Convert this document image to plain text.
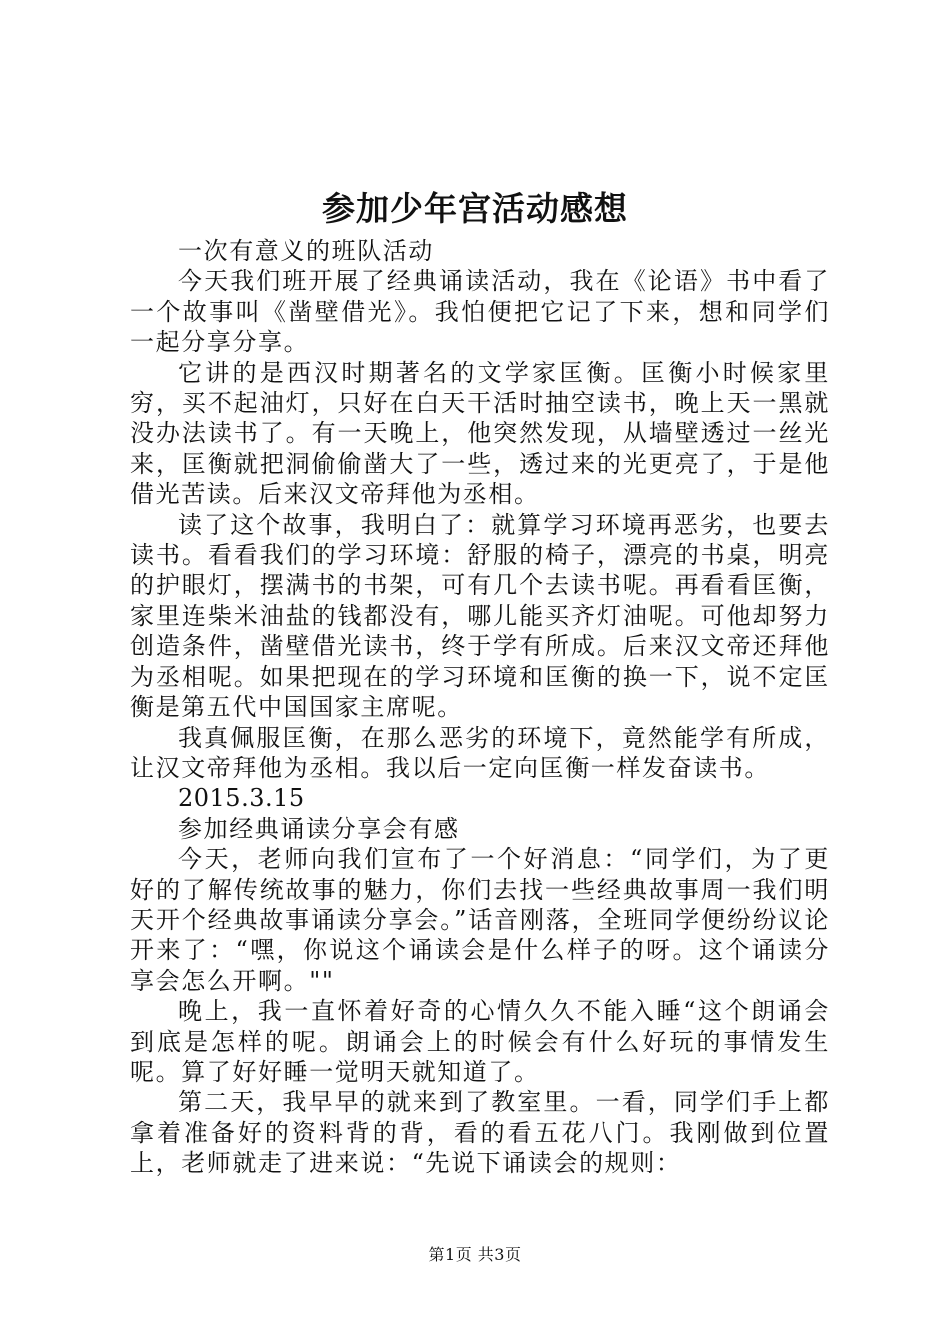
参加少年宫活动感想

一次有意义的班队活动

今天我们班开展了经典诵读活动，我在《论语》书中看了一个故事叫《凿壁借光》。我怕便把它记了下来，想和同学们一起分享分享。

它讲的是西汉时期著名的文学家匡衡。匡衡小时候家里穷，买不起油灯，只好在白天干活时抽空读书，晚上天一黑就没办法读书了。有一天晚上，他突然发现，从墙壁透过一丝光来，匡衡就把洞偷偷凿大了一些，透过来的光更亮了，于是他借光苦读。后来汉文帝拜他为丞相。

读了这个故事，我明白了：就算学习环境再恶劣，也要去读书。看看我们的学习环境：舒服的椅子，漂亮的书桌，明亮的护眼灯，摆满书的书架，可有几个去读书呢。再看看匡衡，家里连柴米油盐的钱都没有，哪儿能买齐灯油呢。可他却努力创造条件，凿壁借光读书，终于学有所成。后来汉文帝还拜他为丞相呢。如果把现在的学习环境和匡衡的换一下，说不定匡衡是第五代中国国家主席呢。

我真佩服匡衡，在那么恶劣的环境下，竟然能学有所成，让汉文帝拜他为丞相。我以后一定向匡衡一样发奋读书。

2015.3.15

参加经典诵读分享会有感

今天，老师向我们宣布了一个好消息：“同学们，为了更好的了解传统故事的魅力，你们去找一些经典故事周一我们明天开个经典故事诵读分享会。”话音刚落，全班同学便纷纷议论开来了：“嘿，你说这个诵读会是什么样子的呀。这个诵读分享会怎么开啊。""

晚上，我一直怀着好奇的心情久久不能入睡“这个朗诵会到底是怎样的呢。朗诵会上的时候会有什么好玩的事情发生呢。算了好好睡一觉明天就知道了。

第二天，我早早的就来到了教室里。一看，同学们手上都拿着准备好的资料背的背，看的看五花八门。我刚做到位置上，老师就走了进来说：“先说下诵读会的规则：

第1页 共3页
